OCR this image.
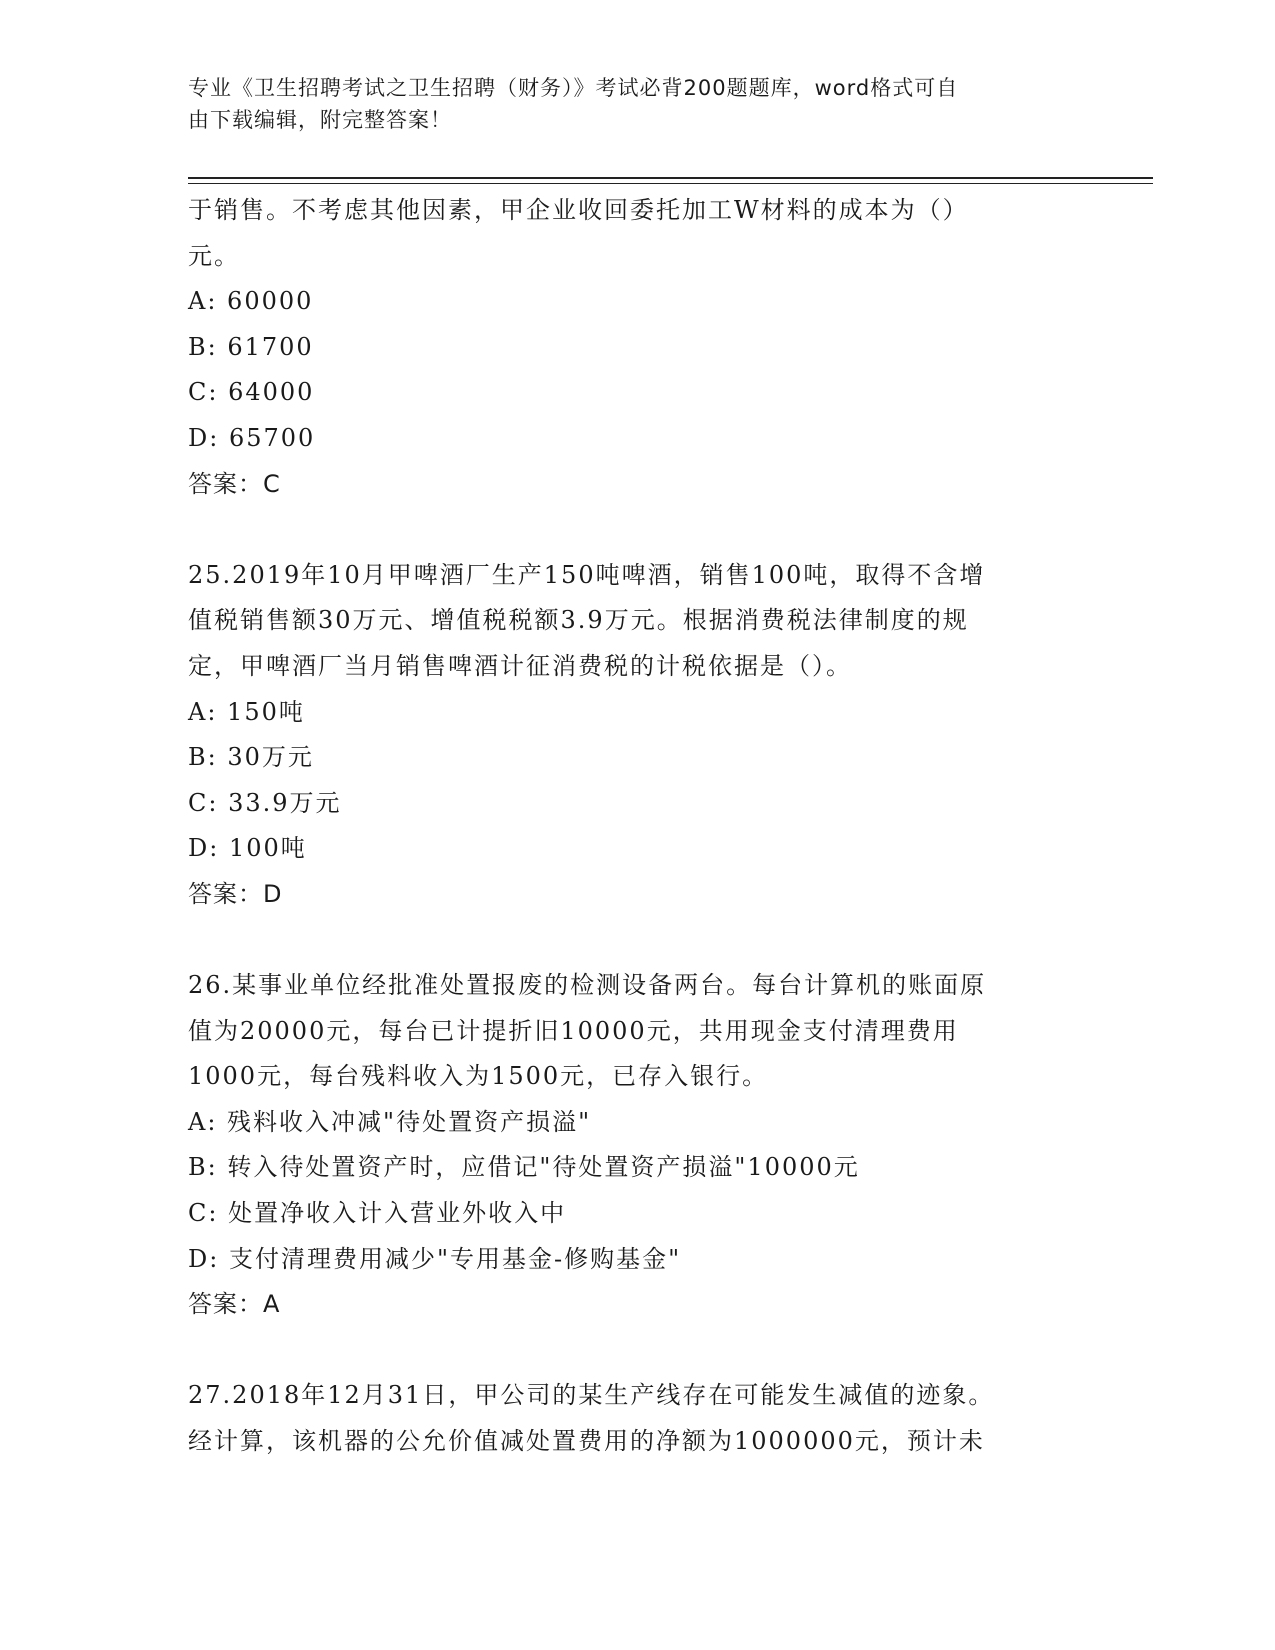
专业《卫生招聘考试之卫生招聘（财务）》考试必背200题题库，word格式可自
由下载编辑，附完整答案！
于销售。不考虑其他因素，甲企业收回委托加工W材料的成本为（）
元。
A: 60000
B: 61700
C: 64000
D: 65700
答案：C
25.2019年10月甲啤酒厂生产150吨啤酒，销售100吨，取得不含增
值税销售额30万元、增值税税额3.9万元。根据消费税法律制度的规
定，甲啤酒厂当月销售啤酒计征消费税的计税依据是（）。
A: 150吨
B: 30万元
C: 33.9万元
D: 100吨
答案：D
26.某事业单位经批准处置报废的检测设备两台。每台计算机的账面原
值为20000元，每台已计提折旧10000元，共用现金支付清理费用
1000元，每台残料收入为1500元，已存入银行。
A: 残料收入冲减"待处置资产损溢"
B: 转入待处置资产时，应借记"待处置资产损溢"10000元
C: 处置净收入计入营业外收入中
D: 支付清理费用减少"专用基金-修购基金"
答案：A
27.2018年12月31日，甲公司的某生产线存在可能发生减值的迹象。
经计算，该机器的公允价值减处置费用的净额为1000000元，预计未
